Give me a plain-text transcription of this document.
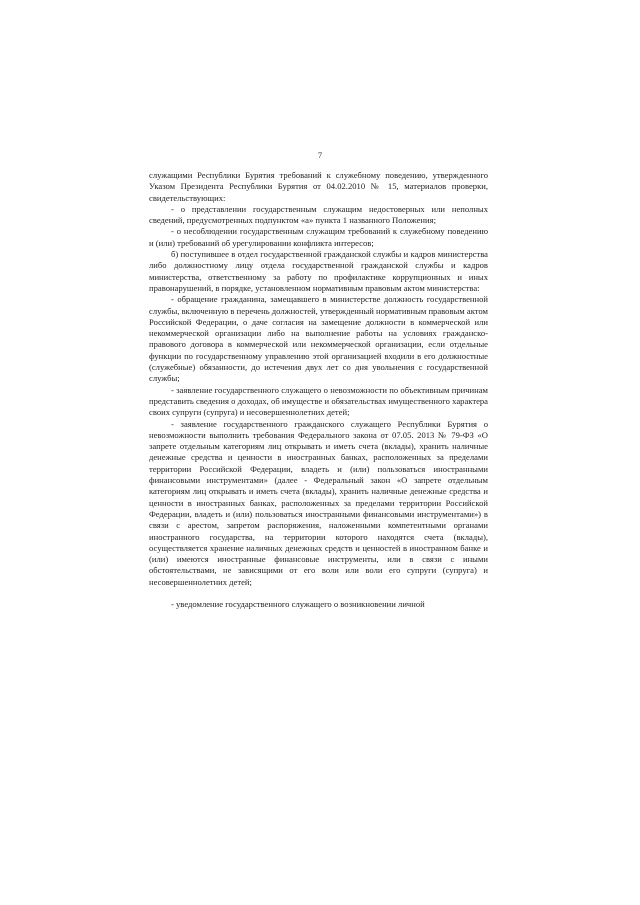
7

служащими Республики Бурятия требований к служебному поведению, утвержденного Указом Президента Республики Бурятия от 04.02.2010 № 15, материалов проверки, свидетельствующих:

- о представлении государственным служащим недостоверных или неполных сведений, предусмотренных подпунктом «а» пункта 1 названного Положения;

- о несоблюдении государственным служащим требований к служебному поведению и (или) требований об урегулировании конфликта интересов;

б) поступившее в отдел государственной гражданской службы и кадров министерства либо должностному лицу отдела государственной гражданской службы и кадров министерства, ответственному за работу по профилактике коррупционных и иных правонарушений, в порядке, установленном нормативным правовым актом министерства:

- обращение гражданина, замещавшего в министерстве должность государственной службы, включенную в перечень должностей, утвержденный нормативным правовым актом Российской Федерации, о даче согласия на замещение должности в коммерческой или некоммерческой организации либо на выполнение работы на условиях гражданско-правового договора в коммерческой или некоммерческой организации, если отдельные функции по государственному управлению этой организацией входили в его должностные (служебные) обязанности, до истечения двух лет со дня увольнения с государственной службы;

- заявление государственного служащего о невозможности по объективным причинам представить сведения о доходах, об имуществе и обязательствах имущественного характера своих супруги (супруга) и несовершеннолетних детей;

- заявление государственного гражданского служащего Республики Бурятия о невозможности выполнить требования Федерального закона от 07.05. 2013 № 79-ФЗ «О запрете отдельным категориям лиц открывать и иметь счета (вклады), хранить наличные денежные средства и ценности в иностранных банках, расположенных за пределами территории Российской Федерации, владеть и (или) пользоваться иностранными финансовыми инструментами» (далее - Федеральный закон «О запрете отдельным категориям лиц открывать и иметь счета (вклады), хранить наличные денежные средства и ценности в иностранных банках, расположенных за пределами территории Российской Федерации, владеть и (или) пользоваться иностранными финансовыми инструментами») в связи с арестом, запретом распоряжения, наложенными компетентными органами иностранного государства, на территории которого находятся счета (вклады), осуществляется хранение наличных денежных средств и ценностей в иностранном банке и (или) имеются иностранные финансовые инструменты, или в связи с иными обстоятельствами, не зависящими от его воли или воли его супруги (супруга) и несовершеннолетних детей;

- уведомление государственного служащего о возникновении личной
